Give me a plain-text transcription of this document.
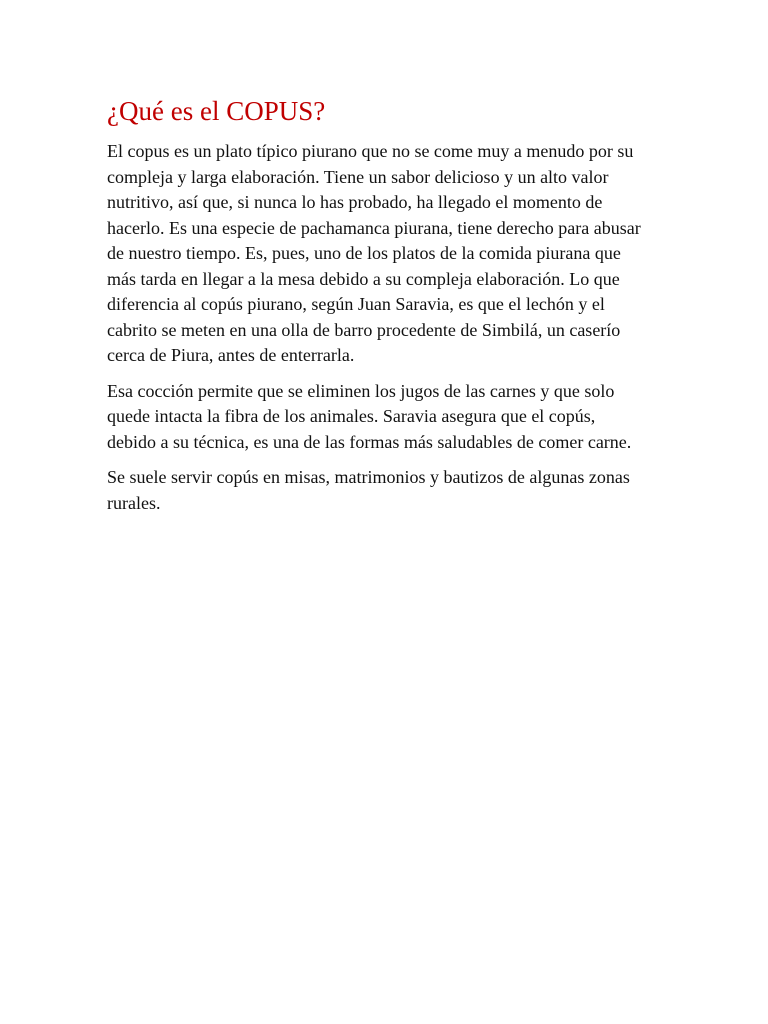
¿Qué es el COPUS?

El copus es un plato típico piurano que no se come muy a menudo por su compleja y larga elaboración. Tiene un sabor delicioso y un alto valor nutritivo, así que, si nunca lo has probado, ha llegado el momento de hacerlo. Es una especie de pachamanca piurana, tiene derecho para abusar de nuestro tiempo. Es, pues, uno de los platos de la comida piurana que más tarda en llegar a la mesa debido a su compleja elaboración. Lo que diferencia al copús piurano, según Juan Saravia, es que el lechón y el cabrito se meten en una olla de barro procedente de Simbilá, un caserío cerca de Piura, antes de enterrarla.

Esa cocción permite que se eliminen los jugos de las carnes y que solo quede intacta la fibra de los animales. Saravia asegura que el copús, debido a su técnica, es una de las formas más saludables de comer carne.

Se suele servir copús en misas, matrimonios y bautizos de algunas zonas rurales.
